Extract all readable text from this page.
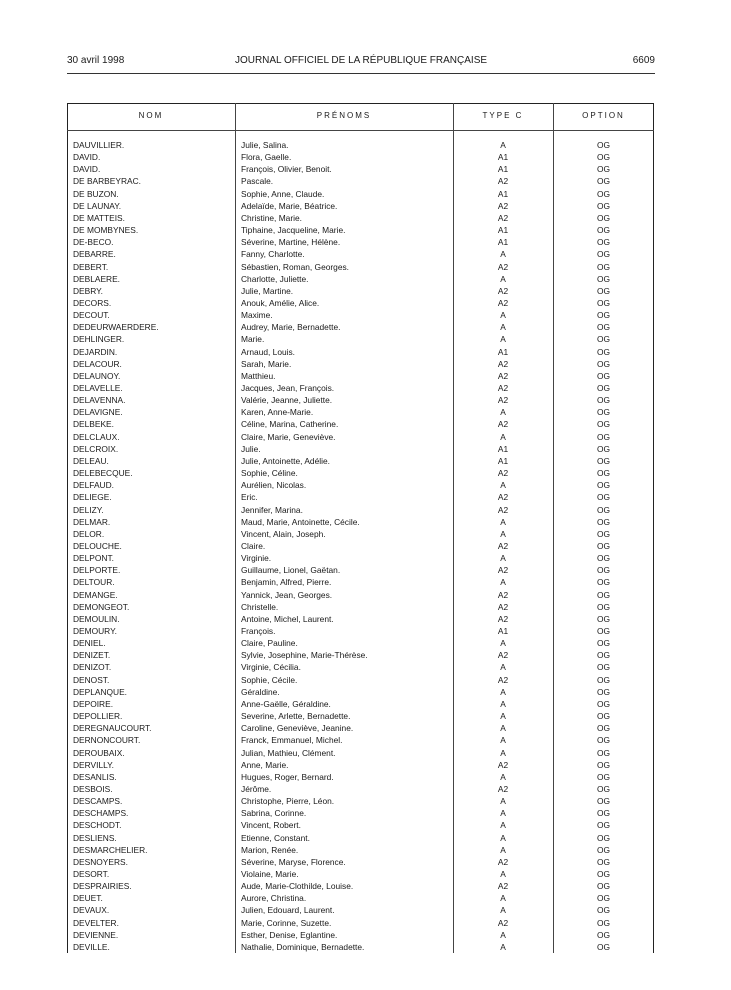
30 avril 1998	JOURNAL OFFICIEL DE LA RÉPUBLIQUE FRANÇAISE	6609
NOM	PRÉNOMS	TYPE C	OPTION
DAUVILLIER.	Julie, Salina.	A	OG
DAVID.	Flora, Gaelle.	A1	OG
DAVID.	François, Olivier, Benoit.	A1	OG
DE BARBEYRAC.	Pascale.	A2	OG
DE BUZON.	Sophie, Anne, Claude.	A1	OG
DE LAUNAY.	Adelaïde, Marie, Béatrice.	A2	OG
DE MATTEIS.	Christine, Marie.	A2	OG
DE MOMBYNES.	Tiphaine, Jacqueline, Marie.	A1	OG
DE-BECO.	Séverine, Martine, Hélène.	A1	OG
DEBARRE.	Fanny, Charlotte.	A	OG
DEBERT.	Sébastien, Roman, Georges.	A2	OG
DEBLAERE.	Charlotte, Juliette.	A	OG
DEBRY.	Julie, Martine.	A2	OG
DECORS.	Anouk, Amélie, Alice.	A2	OG
DECOUT.	Maxime.	A	OG
DEDEURWAERDERE.	Audrey, Marie, Bernadette.	A	OG
DEHLINGER.	Marie.	A	OG
DEJARDIN.	Arnaud, Louis.	A1	OG
DELACOUR.	Sarah, Marie.	A2	OG
DELAUNOY.	Matthieu.	A2	OG
DELAVELLE.	Jacques, Jean, François.	A2	OG
DELAVENNA.	Valérie, Jeanne, Juliette.	A2	OG
DELAVIGNE.	Karen, Anne-Marie.	A	OG
DELBEKE.	Céline, Marina, Catherine.	A2	OG
DELCLAUX.	Claire, Marie, Geneviève.	A	OG
DELCROIX.	Julie.	A1	OG
DELEAU.	Julie, Antoinette, Adélie.	A1	OG
DELEBECQUE.	Sophie, Céline.	A2	OG
DELFAUD.	Aurélien, Nicolas.	A	OG
DELIEGE.	Eric.	A2	OG
DELIZY.	Jennifer, Marina.	A2	OG
DELMAR.	Maud, Marie, Antoinette, Cécile.	A	OG
DELOR.	Vincent, Alain, Joseph.	A	OG
DELOUCHE.	Claire.	A2	OG
DELPONT.	Virginie.	A	OG
DELPORTE.	Guillaume, Lionel, Gaëtan.	A2	OG
DELTOUR.	Benjamin, Alfred, Pierre.	A	OG
DEMANGE.	Yannick, Jean, Georges.	A2	OG
DEMONGEOT.	Christelle.	A2	OG
DEMOULIN.	Antoine, Michel, Laurent.	A2	OG
DEMOURY.	François.	A1	OG
DENIEL.	Claire, Pauline.	A	OG
DENIZET.	Sylvie, Josephine, Marie-Thérèse.	A2	OG
DENIZOT.	Virginie, Cécilia.	A	OG
DENOST.	Sophie, Cécile.	A2	OG
DEPLANQUE.	Géraldine.	A	OG
DEPOIRE.	Anne-Gaëlle, Géraldine.	A	OG
DEPOLLIER.	Severine, Arlette, Bernadette.	A	OG
DEREGNAUCOURT.	Caroline, Geneviève, Jeanine.	A	OG
DERNONCOURT.	Franck, Emmanuel, Michel.	A	OG
DEROUBAIX.	Julian, Mathieu, Clément.	A	OG
DERVILLY.	Anne, Marie.	A2	OG
DESANLIS.	Hugues, Roger, Bernard.	A	OG
DESBOIS.	Jérôme.	A2	OG
DESCAMPS.	Christophe, Pierre, Léon.	A	OG
DESCHAMPS.	Sabrina, Corinne.	A	OG
DESCHODT.	Vincent, Robert.	A	OG
DESLIENS.	Etienne, Constant.	A	OG
DESMARCHELIER.	Marion, Renée.	A	OG
DESNOYERS.	Séverine, Maryse, Florence.	A2	OG
DESORT.	Violaine, Marie.	A	OG
DESPRAIRIES.	Aude, Marie-Clothilde, Louise.	A2	OG
DEUET.	Aurore, Christina.	A	OG
DEVAUX.	Julien, Edouard, Laurent.	A	OG
DEVELTER.	Marie, Corinne, Suzette.	A2	OG
DEVIENNE.	Esther, Denise, Eglantine.	A	OG
DEVILLE.	Nathalie, Dominique, Bernadette.	A	OG
